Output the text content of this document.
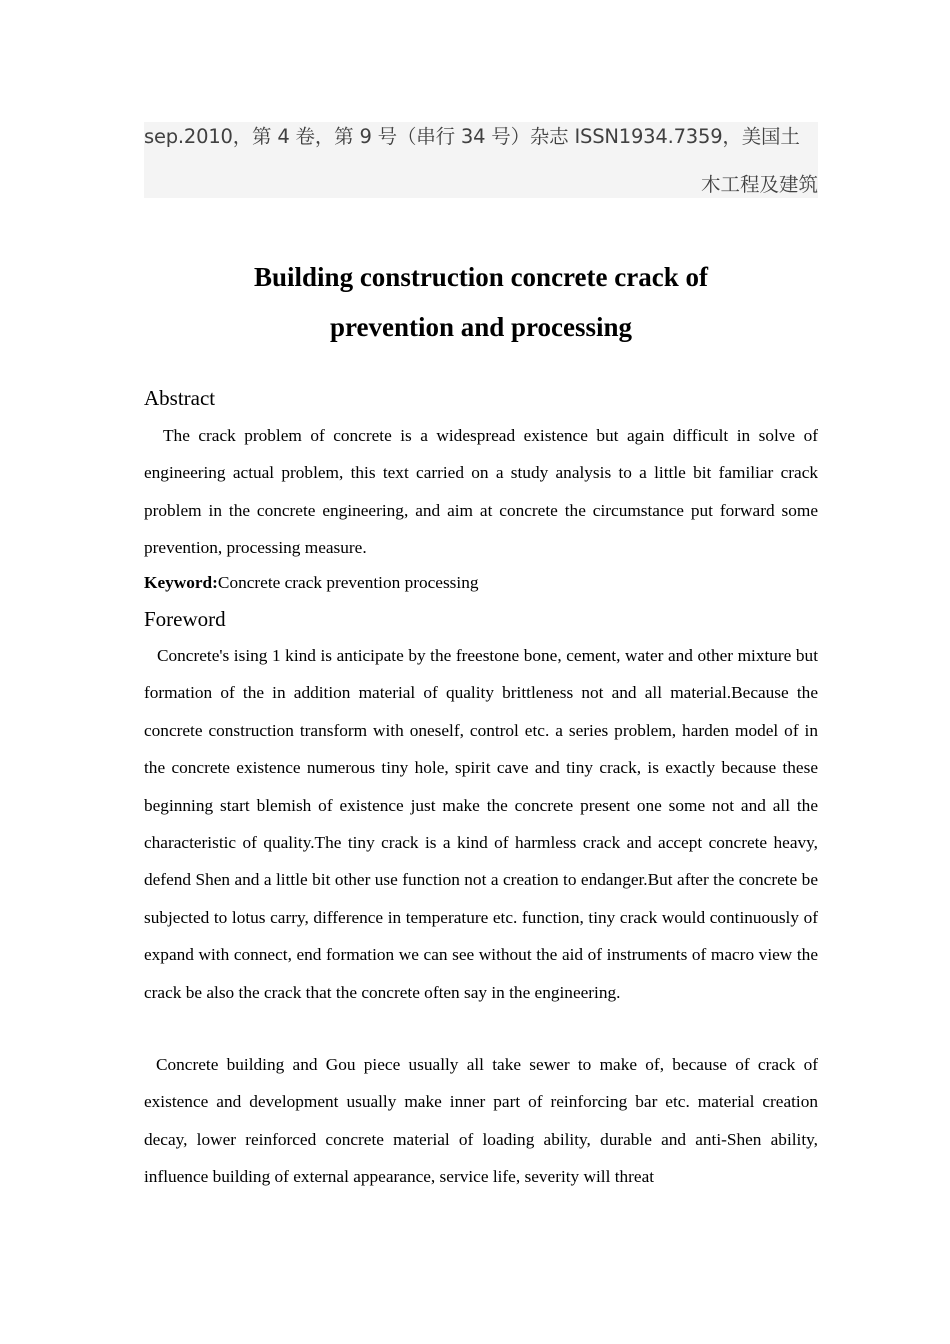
sep.2010，第 4 卷，第 9 号（串行 34 号）杂志 ISSN1934.7359，美国土
木工程及建筑
Building construction concrete crack of
prevention and processing
Abstract
The crack problem of concrete is a widespread existence but again difficult in solve of engineering actual problem, this text carried on a study analysis to a little bit familiar crack problem in the concrete engineering, and aim at concrete the circumstance put forward some prevention, processing measure.
Keyword:Concrete crack prevention processing
Foreword
Concrete's ising 1 kind is anticipate by the freestone bone, cement, water and other mixture but formation of the in addition material of quality brittleness not and all material.Because the concrete construction transform with oneself, control etc. a series problem, harden model of in the concrete existence numerous tiny hole, spirit cave and tiny crack, is exactly because these beginning start blemish of existence just make the concrete present one some not and all the characteristic of quality.The tiny crack is a kind of harmless crack and accept concrete heavy, defend Shen and a little bit other use function not a creation to endanger.But after the concrete be subjected to lotus carry, difference in temperature etc. function, tiny crack would continuously of expand with connect, end formation we can see without the aid of instruments of macro view the crack be also the crack that the concrete often say in the engineering.
Concrete building and Gou piece usually all take sewer to make of, because of crack of existence and development usually make inner part of reinforcing bar etc. material creation decay, lower reinforced concrete material of loading ability, durable and anti-Shen ability, influence building of external appearance, service life, severity will threat
